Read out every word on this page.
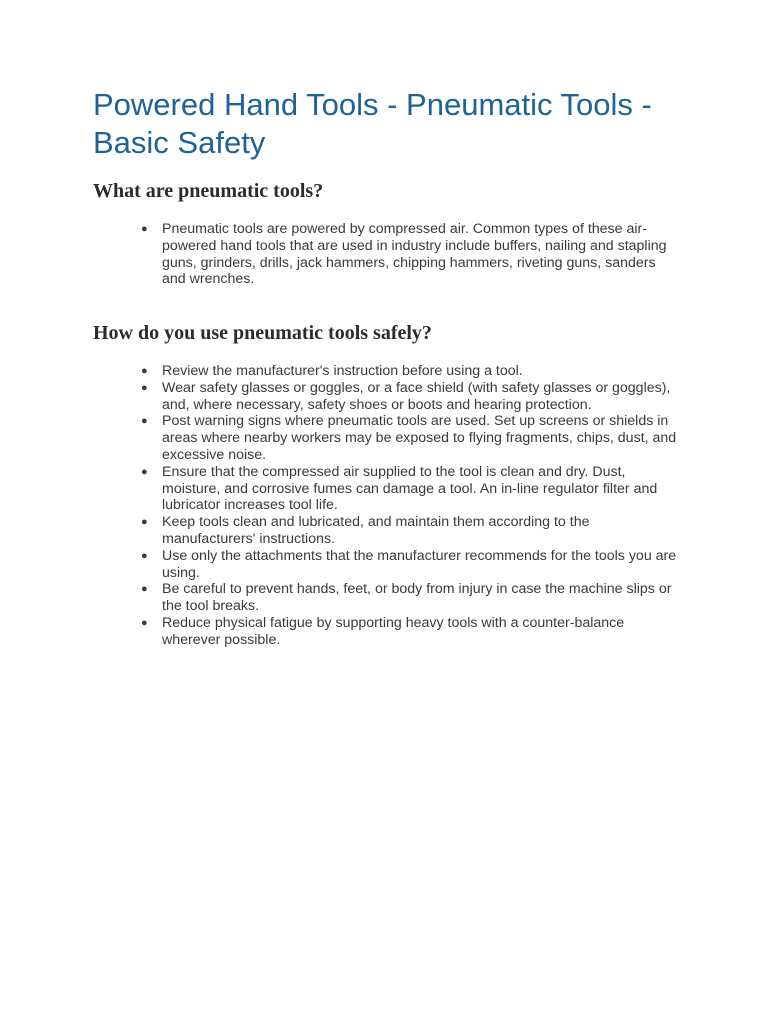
Powered Hand Tools - Pneumatic Tools - Basic Safety
What are pneumatic tools?
● Pneumatic tools are powered by compressed air. Common types of these air-powered hand tools that are used in industry include buffers, nailing and stapling guns, grinders, drills, jack hammers, chipping hammers, riveting guns, sanders and wrenches.
How do you use pneumatic tools safely?
● Review the manufacturer's instruction before using a tool.
● Wear safety glasses or goggles, or a face shield (with safety glasses or goggles), and, where necessary, safety shoes or boots and hearing protection.
● Post warning signs where pneumatic tools are used. Set up screens or shields in areas where nearby workers may be exposed to flying fragments, chips, dust, and excessive noise.
● Ensure that the compressed air supplied to the tool is clean and dry. Dust, moisture, and corrosive fumes can damage a tool. An in-line regulator filter and lubricator increases tool life.
● Keep tools clean and lubricated, and maintain them according to the manufacturers' instructions.
● Use only the attachments that the manufacturer recommends for the tools you are using.
● Be careful to prevent hands, feet, or body from injury in case the machine slips or the tool breaks.
● Reduce physical fatigue by supporting heavy tools with a counter-balance wherever possible.
